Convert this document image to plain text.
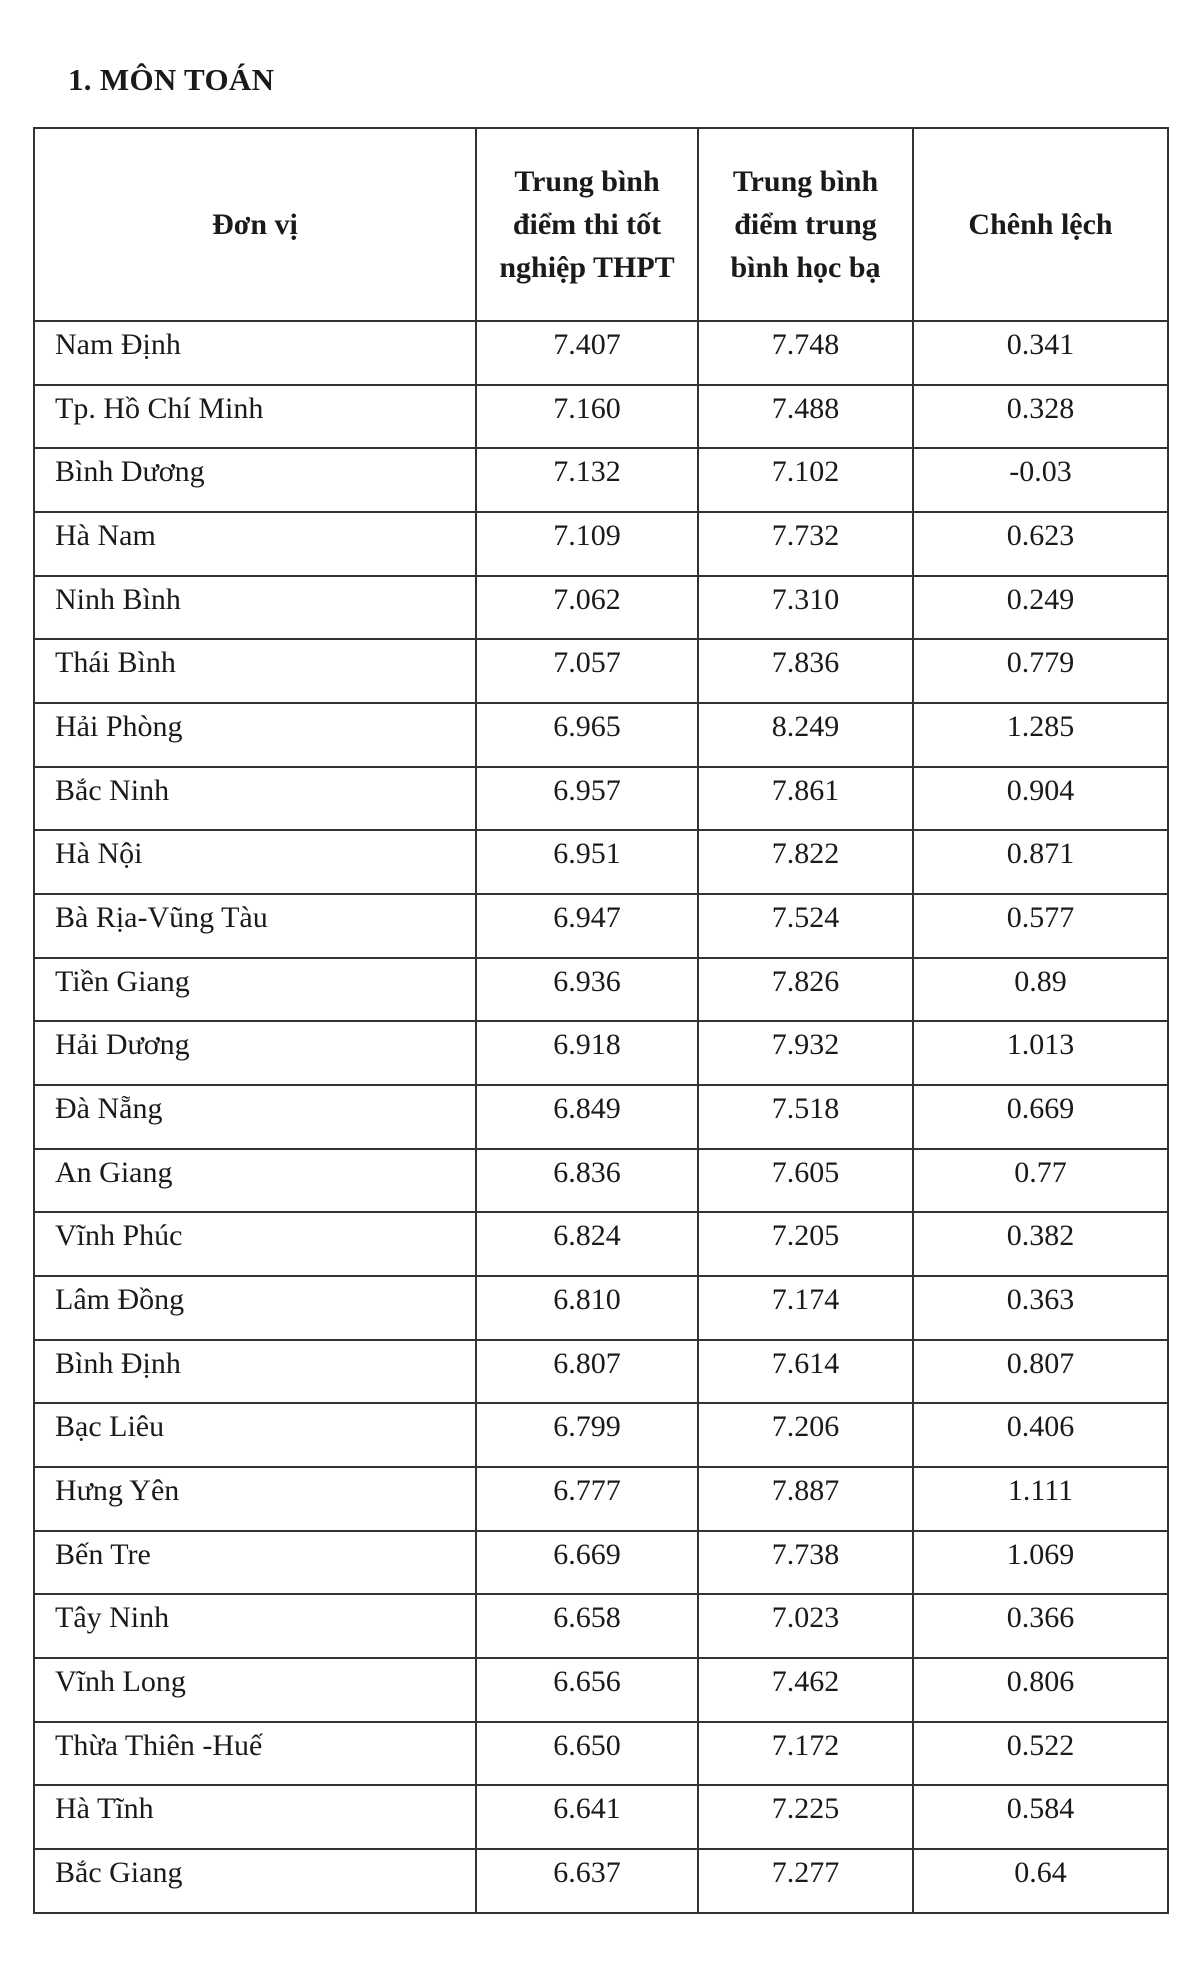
1. MÔN TOÁN
Đơn vị	Trung bình điểm thi tốt nghiệp THPT	Trung bình điểm trung bình học bạ	Chênh lệch
Nam Định	7.407	7.748	0.341
Tp. Hồ Chí Minh	7.160	7.488	0.328
Bình Dương	7.132	7.102	-0.03
Hà Nam	7.109	7.732	0.623
Ninh Bình	7.062	7.310	0.249
Thái Bình	7.057	7.836	0.779
Hải Phòng	6.965	8.249	1.285
Bắc Ninh	6.957	7.861	0.904
Hà Nội	6.951	7.822	0.871
Bà Rịa-Vũng Tàu	6.947	7.524	0.577
Tiền Giang	6.936	7.826	0.89
Hải Dương	6.918	7.932	1.013
Đà Nẵng	6.849	7.518	0.669
An Giang	6.836	7.605	0.77
Vĩnh Phúc	6.824	7.205	0.382
Lâm Đồng	6.810	7.174	0.363
Bình Định	6.807	7.614	0.807
Bạc Liêu	6.799	7.206	0.406
Hưng Yên	6.777	7.887	1.111
Bến Tre	6.669	7.738	1.069
Tây Ninh	6.658	7.023	0.366
Vĩnh Long	6.656	7.462	0.806
Thừa Thiên -Huế	6.650	7.172	0.522
Hà Tĩnh	6.641	7.225	0.584
Bắc Giang	6.637	7.277	0.64
